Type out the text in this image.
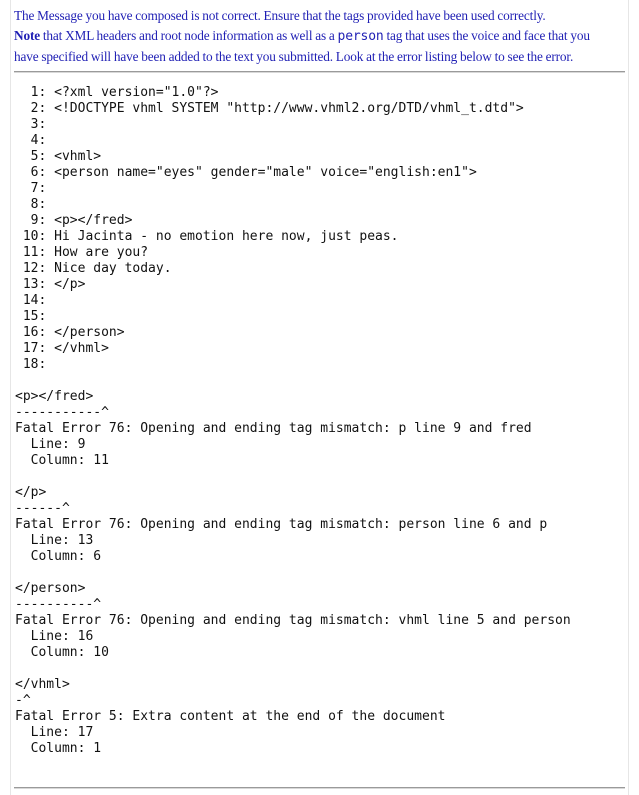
The Message you have composed is not correct. Ensure that the tags provided have been used correctly.
Note that XML headers and root node information as well as a person tag that uses the voice and face that you
have specified will have been added to the text you submitted. Look at the error listing below to see the error.
1: <?xml version="1.0"?>
2: <!DOCTYPE vhml SYSTEM "http://www.vhml2.org/DTD/vhml_t.dtd">
3:
4:
5: <vhml>
6: <person name="eyes" gender="male" voice="english:en1">
7:
8:
9: <p></fred>
10: Hi Jacinta - no emotion here now, just peas.
11: How are you?
12: Nice day today.
13: </p>
14:
15:
16: </person>
17: </vhml>
18:
<p></fred>
-----------^
Fatal Error 76: Opening and ending tag mismatch: p line 9 and fred
Line: 9
Column: 11
</p>
------^
Fatal Error 76: Opening and ending tag mismatch: person line 6 and p
Line: 13
Column: 6
</person>
----------^
Fatal Error 76: Opening and ending tag mismatch: vhml line 5 and person
Line: 16
Column: 10
</vhml>
-^
Fatal Error 5: Extra content at the end of the document
Line: 17
Column: 1
